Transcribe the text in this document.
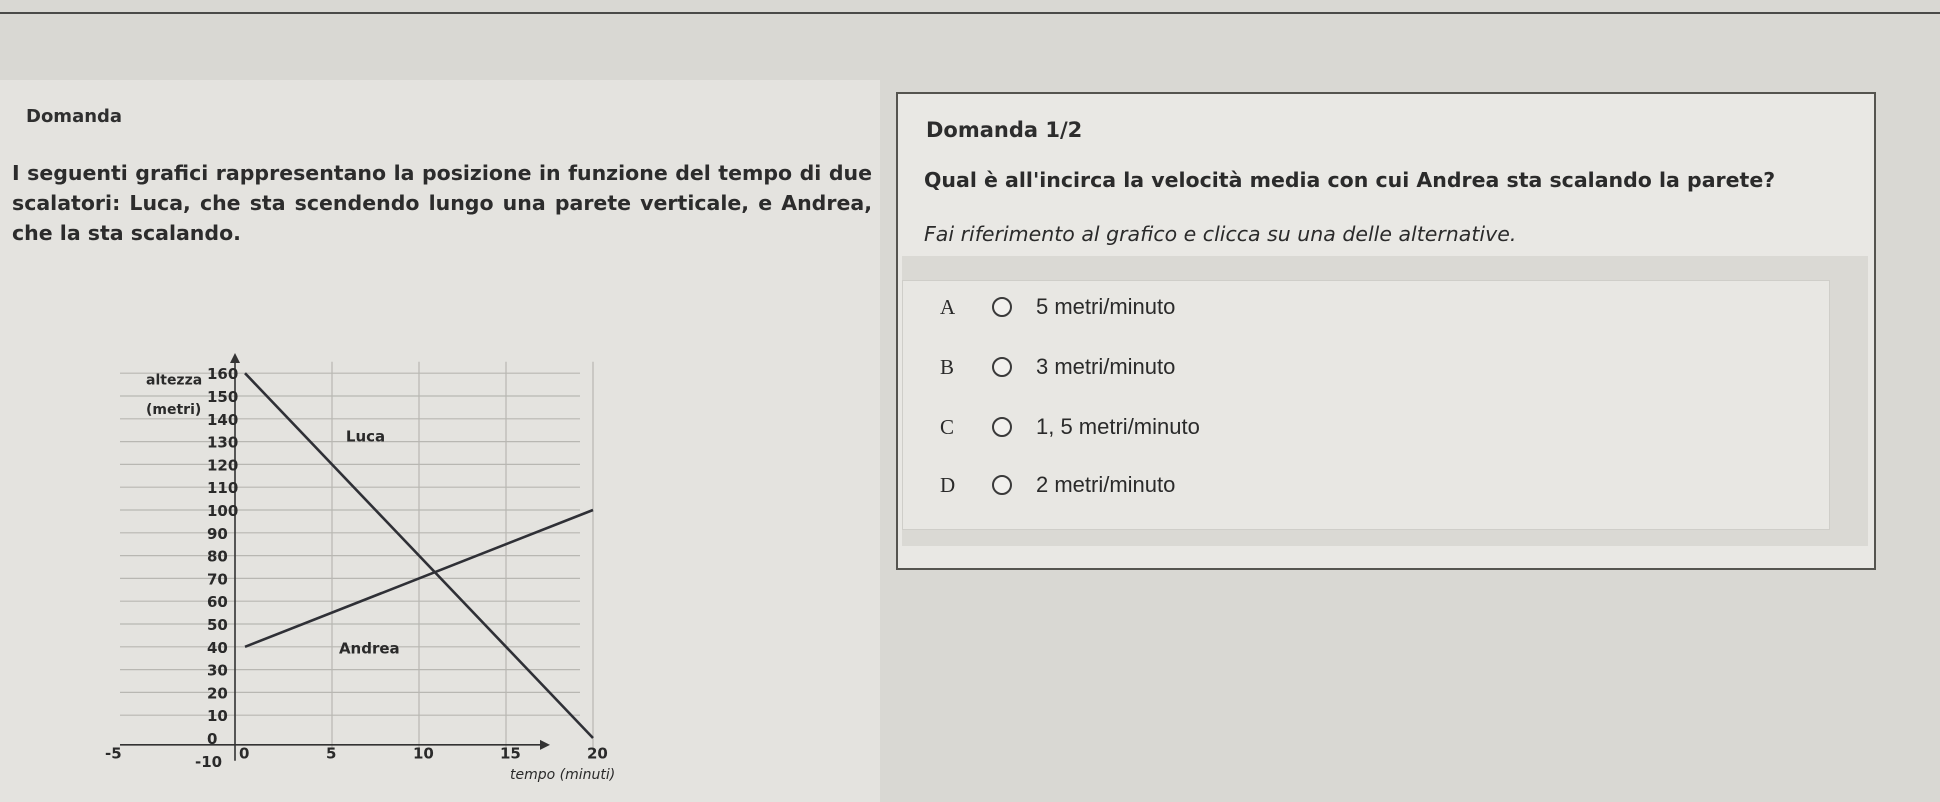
Domanda
I seguenti grafici rappresentano la posizione in funzione del tempo di due scalatori: Luca, che sta scendendo lungo una parete verticale, e Andrea, che la sta scalando.
-10
0
10
20
30
40
50
60
70
80
90
100
110
120
130
140
150
160
-5	0	5	10	15	20
altezza
(metri)
tempo (minuti)
Luca
Andrea
Domanda 1/2
Qual è all'incirca la velocità media con cui Andrea sta scalando la parete?
Fai riferimento al grafico e clicca su una delle alternative.
A	5 metri/minuto
B	3 metri/minuto
C	1, 5 metri/minuto
D	2 metri/minuto
